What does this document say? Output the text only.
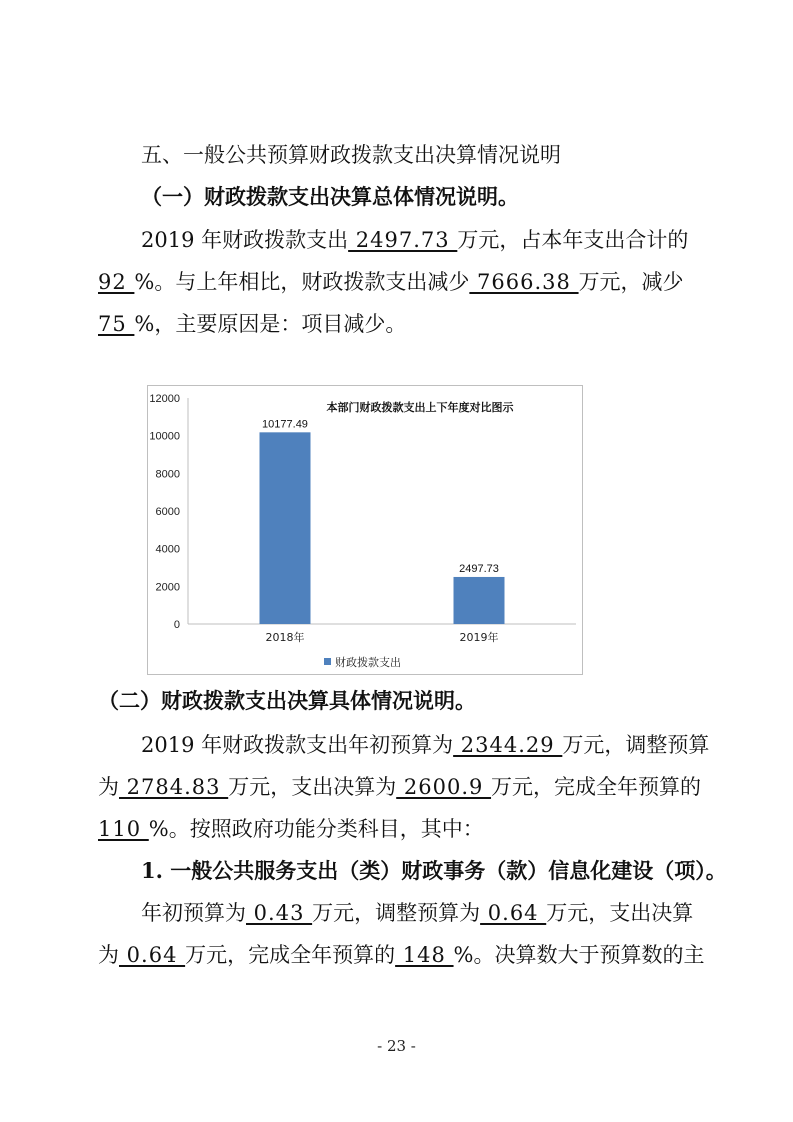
五、一般公共预算财政拨款支出决算情况说明
（一）财政拨款支出决算总体情况说明。
2019 年财政拨款支出 2497.73 万元，占本年支出合计的
92 %。与上年相比，财政拨款支出减少 7666.38 万元，减少
75 %，主要原因是：项目减少。
本部门财政拨款支出上下年度对比图示
财政拨款支出
0
2000
4000
6000
8000
10000
12000
10177.49
2018年
2497.73
2019年
（二）财政拨款支出决算具体情况说明。
2019 年财政拨款支出年初预算为 2344.29 万元，调整预算
为 2784.83 万元，支出决算为 2600.9 万元，完成全年预算的
110 %。按照政府功能分类科目，其中：
1. 一般公共服务支出（类）财政事务（款）信息化建设（项）。
年初预算为 0.43 万元，调整预算为 0.64 万元，支出决算
为 0.64 万元，完成全年预算的 148 %。决算数大于预算数的主
- 23 -
